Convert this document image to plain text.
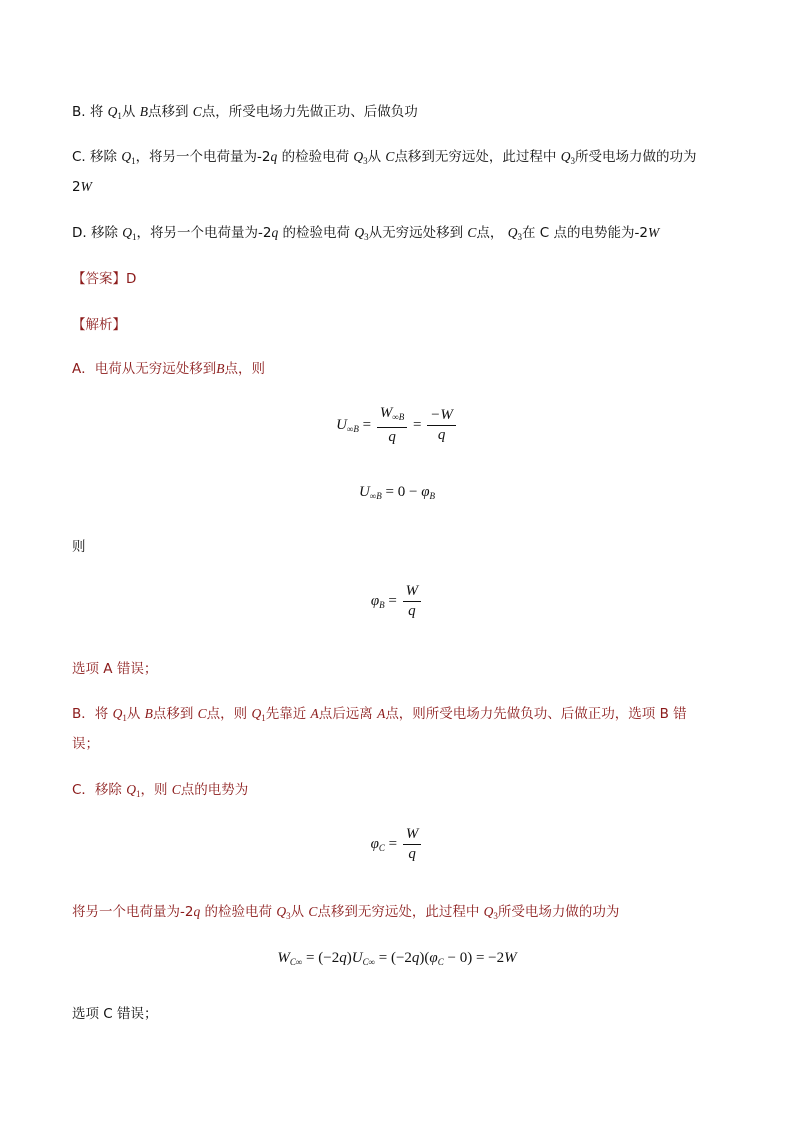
B. 将 $Q_1$从 B点移到 C点，所受电场力先做正功、后做负功
C. 移除 $Q_1$，将另一个电荷量为-2q 的检验电荷 $Q_3$从 C点移到无穷远处，此过程中 $Q_3$所受电场力做的功为
2W
D. 移除 $Q_1$，将另一个电荷量为-2q 的检验电荷 $Q_3$从无穷远处移到 C点， $Q_3$在 C 点的电势能为-2W
【答案】D
【解析】
A．电荷从无穷远处移到B点，则
$U_{\infty B} = \frac{W_{\infty B}}{q} = \frac{-W}{q}$
$U_{\infty B} = 0 - \varphi_B$
则
$\varphi_B = \frac{W}{q}$
选项 A 错误；
B．将 $Q_1$从 B点移到 C点，则 $Q_1$先靠近 A点后远离 A点，则所受电场力先做负功、后做正功，选项 B 错
误；
C．移除 $Q_1$，则 C点的电势为
$\varphi_C = \frac{W}{q}$
将另一个电荷量为-2q 的检验电荷 $Q_3$从 C点移到无穷远处，此过程中 $Q_3$所受电场力做的功为
$W_{C\infty} = (-2q)U_{C\infty} = (-2q)(\varphi_C - 0) = -2W$
选项 C 错误；
